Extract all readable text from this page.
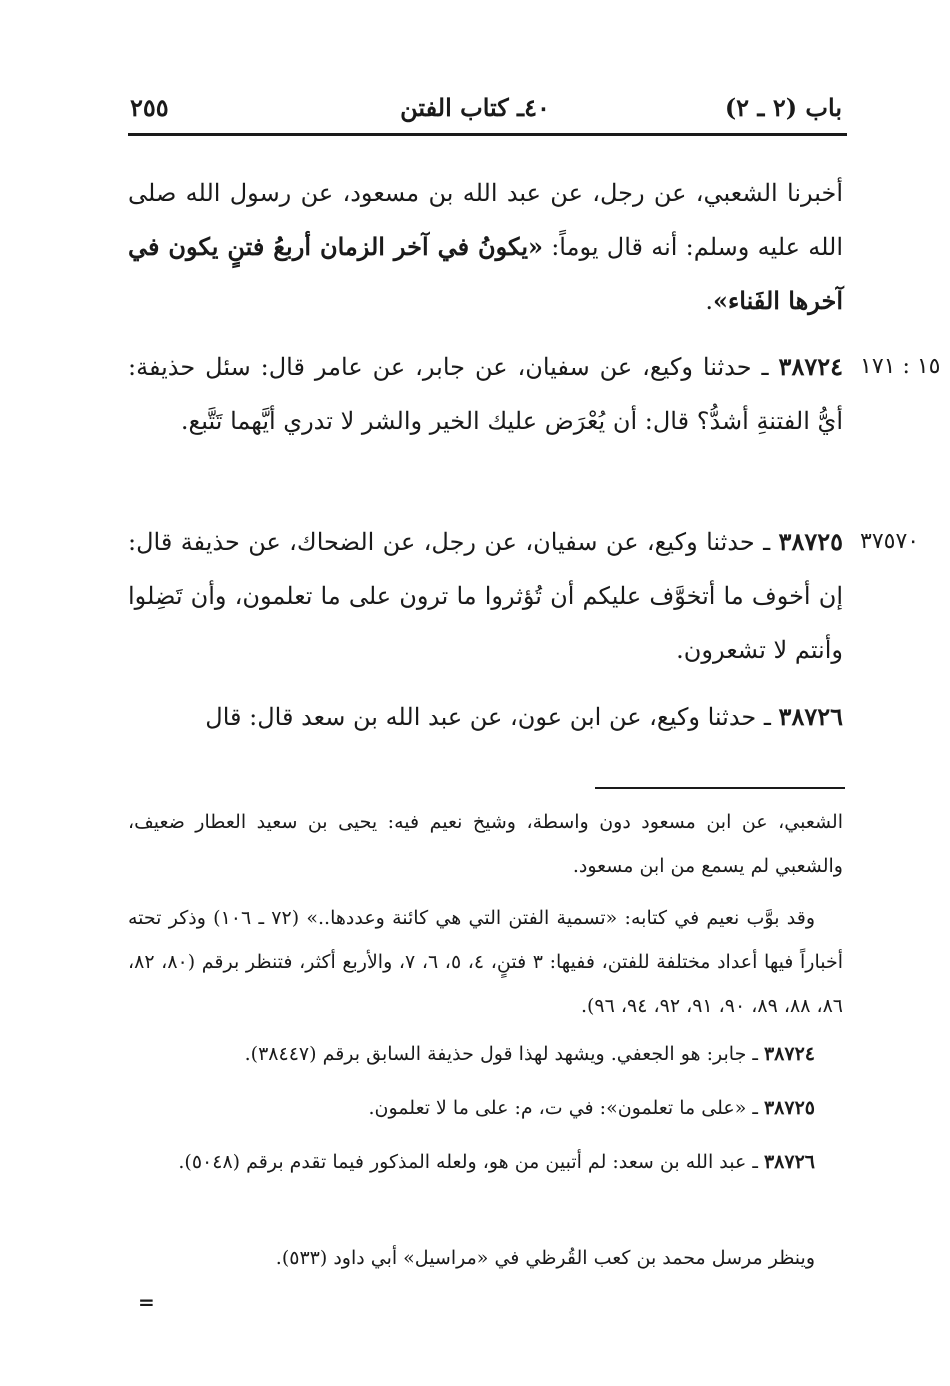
باب (٢ ـ ٢)
٤٠ـ كتاب الفتن
٢٥٥
أخبرنا الشعبي، عن رجل، عن عبد الله بن مسعود، عن رسول الله صلى الله عليه وسلم: أنه قال يوماً: «يكونُ في آخر الزمان أربعُ فتنٍ يكون في آخرها الفَناء».
١٥ : ١٧١
٣٨٧٢٤ ـ حدثنا وكيع، عن سفيان، عن جابر، عن عامر قال: سئل حذيفة: أيُّ الفتنةِ أشدُّ؟ قال: أن يُعْرَض عليك الخير والشر لا تدري أيَّهما تَتَّبع.
٣٧٥٧٠
٣٨٧٢٥ ـ حدثنا وكيع، عن سفيان، عن رجل، عن الضحاك، عن حذيفة قال: إن أخوف ما أتخوَّف عليكم أن تُؤثروا ما ترون على ما تعلمون، وأن تَضِلوا وأنتم لا تشعرون.
٣٨٧٢٦ ـ حدثنا وكيع، عن ابن عون، عن عبد الله بن سعد قال: قال
الشعبي، عن ابن مسعود دون واسطة، وشيخ نعيم فيه: يحيى بن سعيد العطار ضعيف، والشعبي لم يسمع من ابن مسعود.
وقد بوَّب نعيم في كتابه: «تسمية الفتن التي هي كائنة وعددها..» (٧٢ ـ ١٠٦) وذكر تحته أخباراً فيها أعداد مختلفة للفتن، ففيها: ٣ فتنٍ، ٤، ٥، ٦، ٧، والأربع أكثر، فتنظر برقم (٨٠، ٨٢، ٨٦، ٨٨، ٨٩، ٩٠، ٩١، ٩٢، ٩٤، ٩٦).
٣٨٧٢٤ ـ جابر: هو الجعفي. ويشهد لهذا قول حذيفة السابق برقم (٣٨٤٤٧).
٣٨٧٢٥ ـ «على ما تعلمون»: في ت، م: على ما لا تعلمون.
٣٨٧٢٦ ـ عبد الله بن سعد: لم أتبين من هو، ولعله المذكور فيما تقدم برقم (٥٠٤٨).
وينظر مرسل محمد بن كعب القُرظي في «مراسيل» أبي داود (٥٣٣).
=
